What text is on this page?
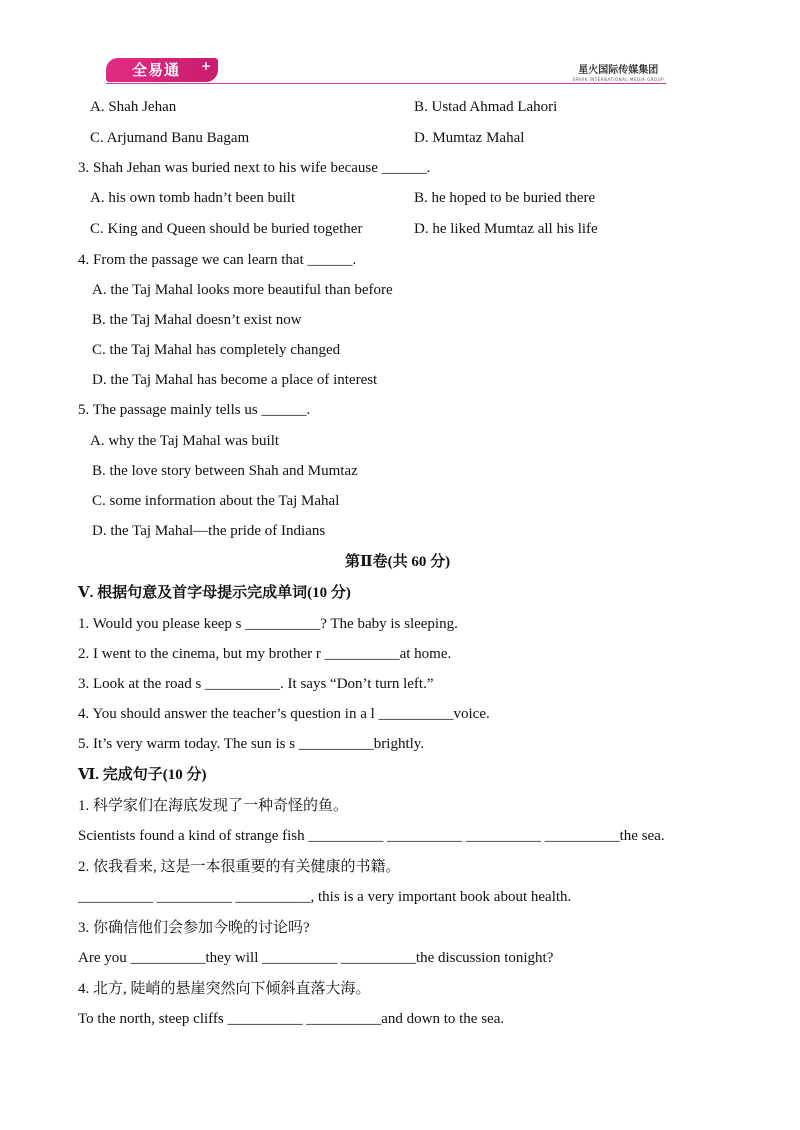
全易通	+	星火国际传媒集团
SPARK INTERNATIONAL MEDIA GROUP
A. Shah Jehan	B. Ustad Ahmad Lahori
C. Arjumand Banu Bagam	D. Mumtaz Mahal
3. Shah Jehan was buried next to his wife because ______.
A. his own tomb hadn’t been built	B. he hoped to be buried there
C. King and Queen should be buried together	D. he liked Mumtaz all his life
4. From the passage we can learn that ______.
A. the Taj Mahal looks more beautiful than before
B. the Taj Mahal doesn’t exist now
C. the Taj Mahal has completely changed
D. the Taj Mahal has become a place of interest
5. The passage mainly tells us ______.
A. why the Taj Mahal was built
B. the love story between Shah and Mumtaz
C. some information about the Taj Mahal
D. the Taj Mahal—the pride of Indians
第Ⅱ卷(共 60 分)
Ⅴ. 根据句意及首字母提示完成单词(10 分)
1. Would you please keep s __________? The baby is sleeping.
2. I went to the cinema, but my brother r __________at home.
3. Look at the road s __________. It says “Don’t turn left.”
4. You should answer the teacher’s question in a l __________voice.
5. It’s very warm today. The sun is s __________brightly.
Ⅵ. 完成句子(10 分)
1. 科学家们在海底发现了一种奇怪的鱼。
Scientists found a kind of strange fish __________ __________ __________ __________the sea.
2. 依我看来, 这是一本很重要的有关健康的书籍。
__________ __________ __________, this is a very important book about health.
3. 你确信他们会参加今晚的讨论吗?
Are you __________they will __________ __________the discussion tonight?
4. 北方, 陡峭的悬崖突然向下倾斜直落大海。
To the north, steep cliffs __________ __________and down to the sea.
